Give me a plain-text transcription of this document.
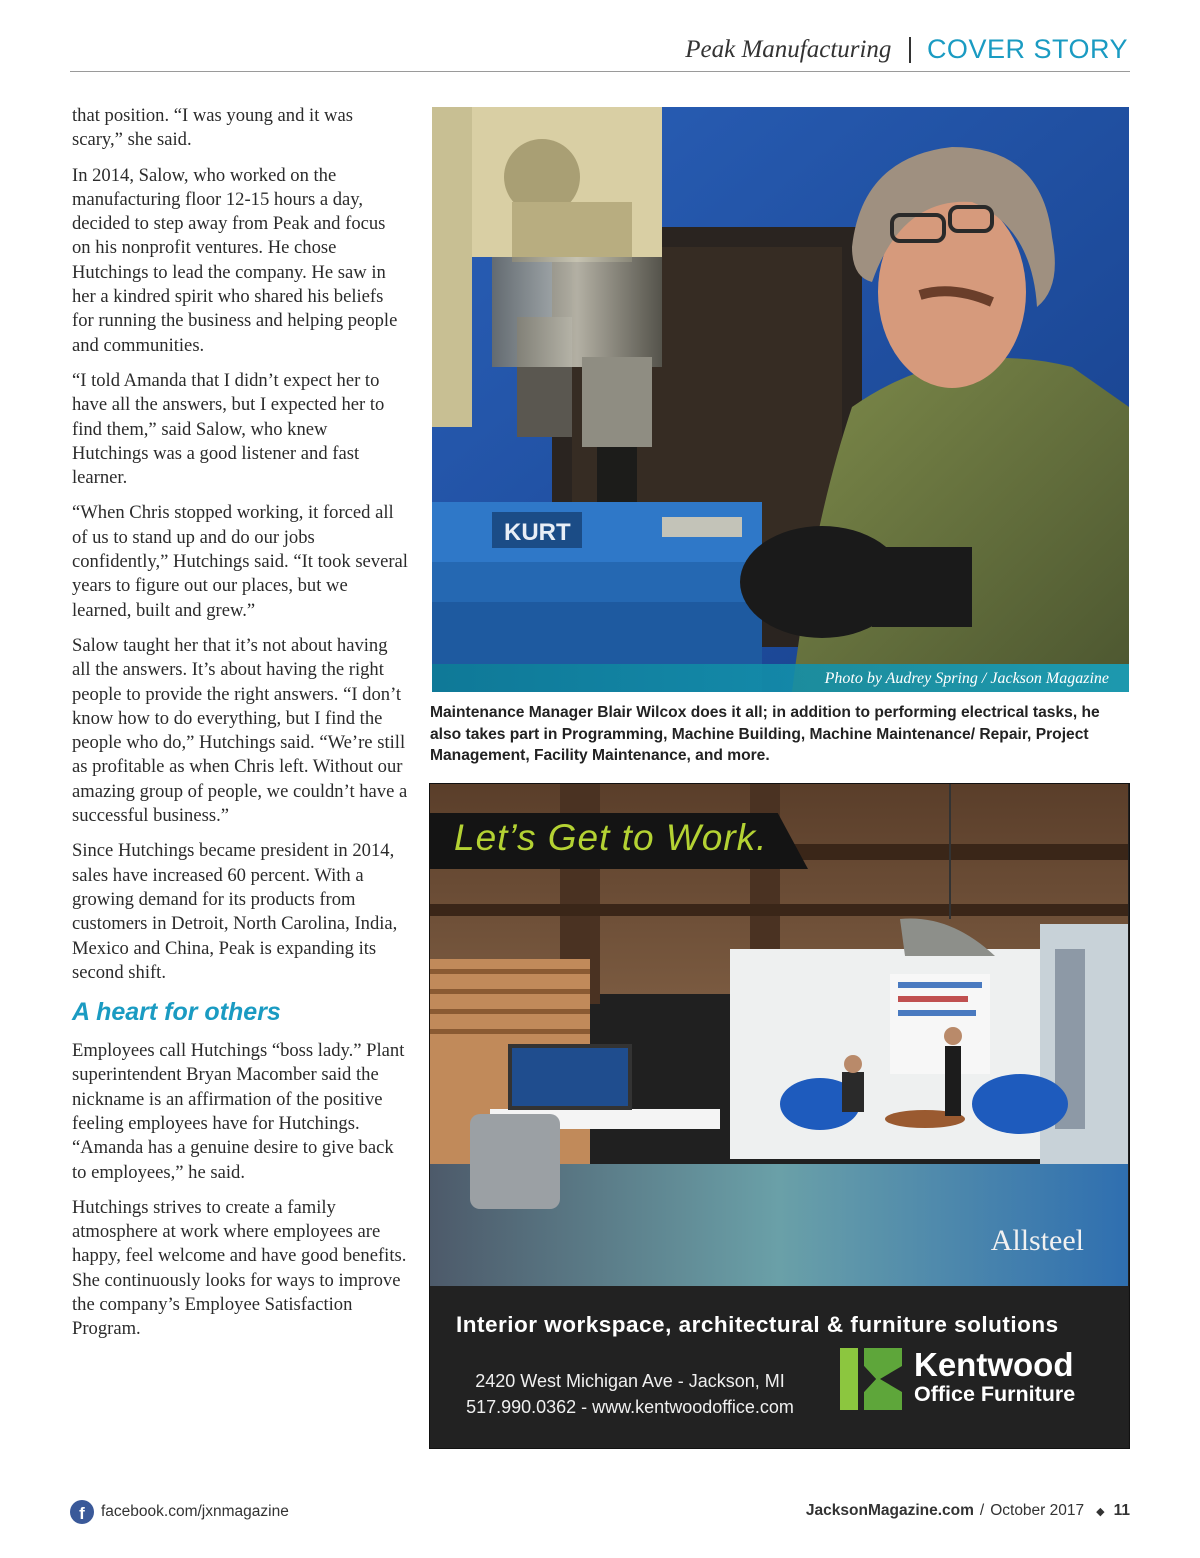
Peak Manufacturing COVER STORY

that position. “I was young and it was scary,” she said.

In 2014, Salow, who worked on the manufacturing floor 12-15 hours a day, decided to step away from Peak and focus on his nonprofit ventures. He chose Hutchings to lead the company. He saw in her a kindred spirit who shared his beliefs for running the business and helping people and communities.

“I told Amanda that I didn’t expect her to have all the answers, but I expected her to find them,” said Salow, who knew Hutchings was a good listener and fast learner.

“When Chris stopped working, it forced all of us to stand up and do our jobs confidently,” Hutchings said. “It took several years to figure out our places, but we learned, built and grew.”

Salow taught her that it’s not about having all the answers. It’s about having the right people to provide the right answers. “I don’t know how to do everything, but I find the people who do,” Hutchings said. “We’re still as profitable as when Chris left. Without our amazing group of people, we couldn’t have a successful business.”

Since Hutchings became president in 2014, sales have increased 60 percent. With a growing demand for its products from customers in Detroit, North Carolina, India, Mexico and China, Peak is expanding its second shift.

A heart for others

Employees call Hutchings “boss lady.” Plant superintendent Bryan Macomber said the nickname is an affirmation of the positive feeling employees have for Hutchings. “Amanda has a genuine desire to give back to employees,” he said.

Hutchings strives to create a family atmosphere at work where employees are happy, feel welcome and have good benefits. She continuously looks for ways to improve the company’s Employee Satisfaction Program.

KURT
Photo by Audrey Spring / Jackson Magazine
Maintenance Manager Blair Wilcox does it all; in addition to performing electrical tasks, he also takes part in Programming, Machine Building, Machine Maintenance/ Repair, Project Management, Facility Maintenance, and more.
Let’s Get to Work.
Allsteel
Interior workspace, architectural & furniture solutions
2420 West Michigan Ave - Jackson, MI
517.990.0362 - www.kentwoodoffice.com
Kentwood
Office Furniture
f	facebook.com/jxnmagazine	JacksonMagazine.com / October 2017 ◆ 11
